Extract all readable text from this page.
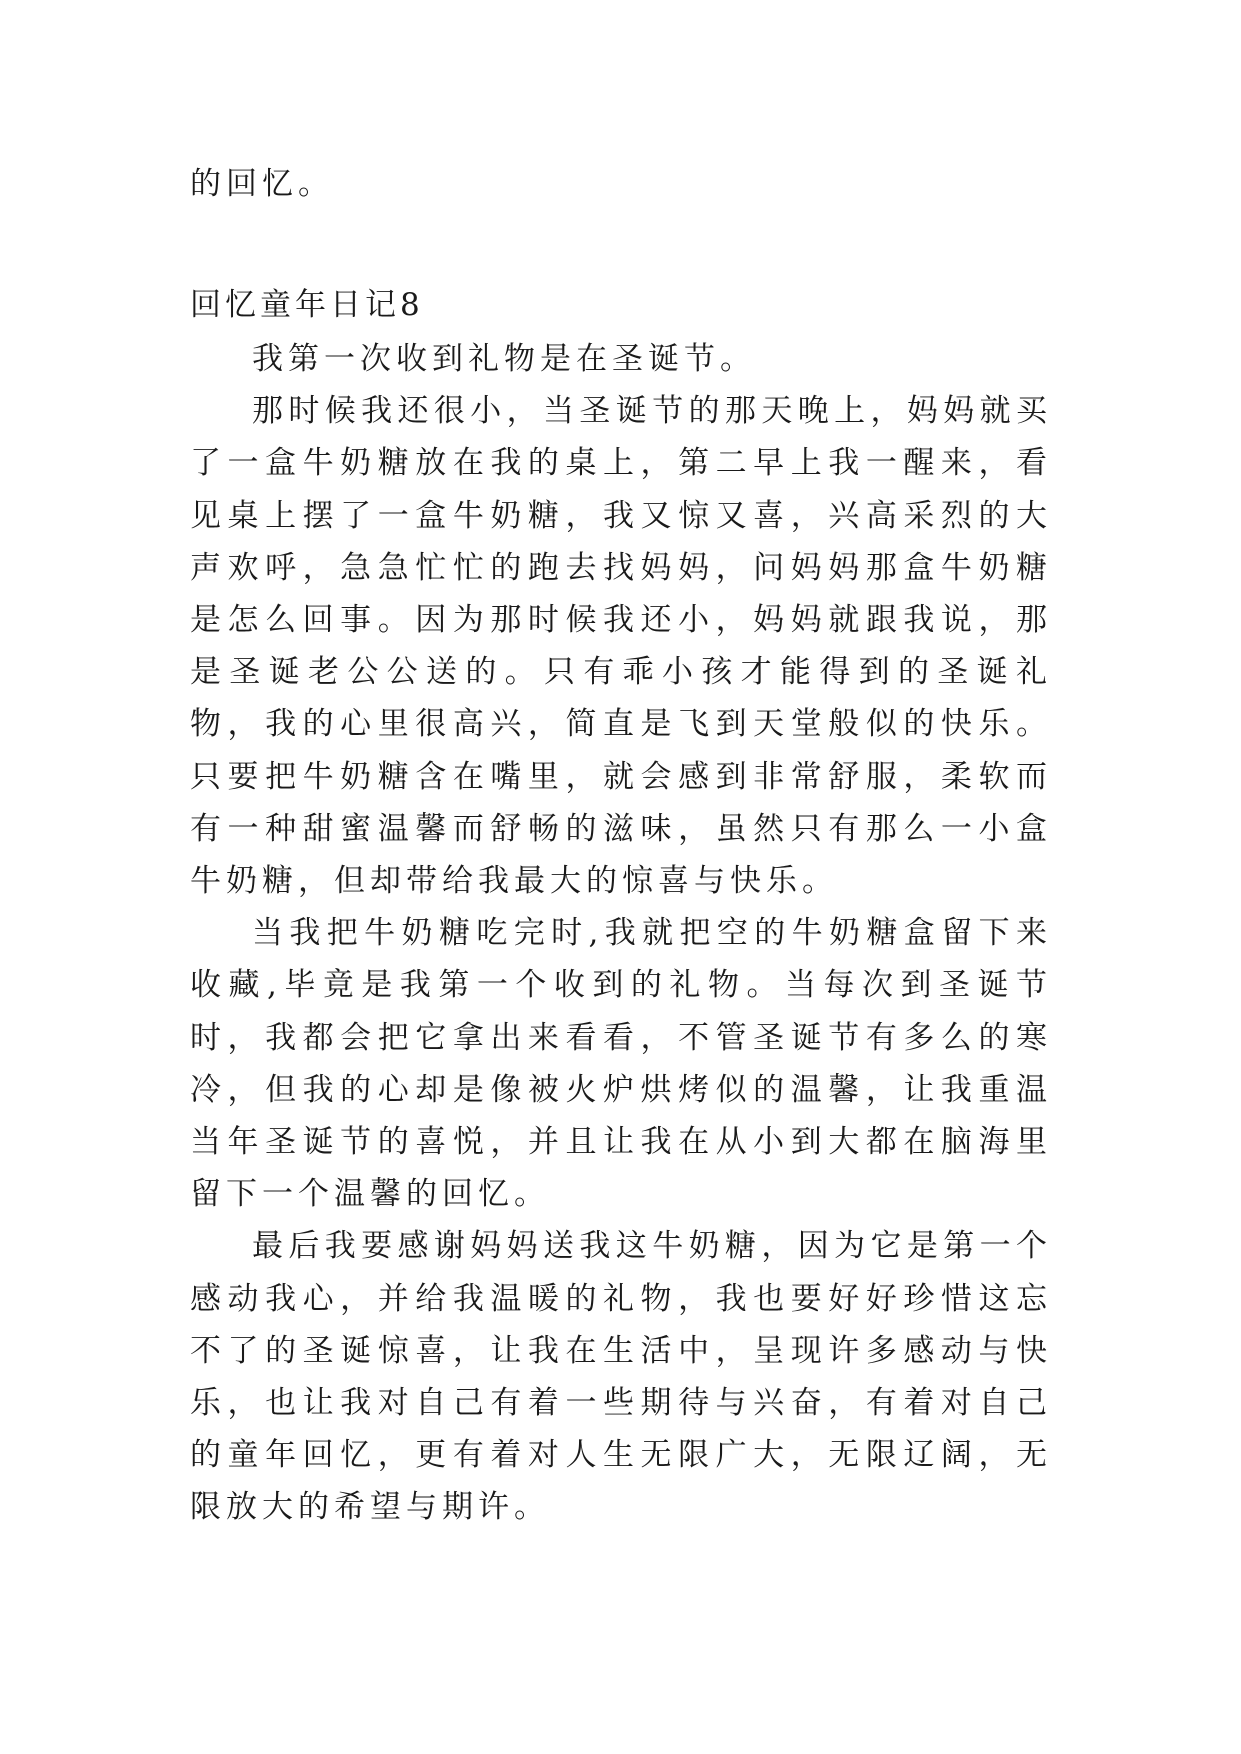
的回忆。
回忆童年日记8

我第一次收到礼物是在圣诞节。

那时候我还很小，当圣诞节的那天晚上，妈妈就买了一盒牛奶糖放在我的桌上，第二早上我一醒来，看见桌上摆了一盒牛奶糖，我又惊又喜，兴高采烈的大声欢呼，急急忙忙的跑去找妈妈，问妈妈那盒牛奶糖是怎么回事。因为那时候我还小，妈妈就跟我说，那是圣诞老公公送的。只有乖小孩才能得到的圣诞礼物，我的心里很高兴，简直是飞到天堂般似的快乐。只要把牛奶糖含在嘴里，就会感到非常舒服，柔软而有一种甜蜜温馨而舒畅的滋味，虽然只有那么一小盒牛奶糖，但却带给我最大的惊喜与快乐。

当我把牛奶糖吃完时,我就把空的牛奶糖盒留下来收藏,毕竟是我第一个收到的礼物。当每次到圣诞节时，我都会把它拿出来看看，不管圣诞节有多么的寒冷，但我的心却是像被火炉烘烤似的温馨，让我重温当年圣诞节的喜悦，并且让我在从小到大都在脑海里留下一个温馨的回忆。

最后我要感谢妈妈送我这牛奶糖，因为它是第一个感动我心，并给我温暖的礼物，我也要好好珍惜这忘不了的圣诞惊喜，让我在生活中，呈现许多感动与快乐，也让我对自己有着一些期待与兴奋，有着对自己的童年回忆，更有着对人生无限广大，无限辽阔，无限放大的希望与期许。
